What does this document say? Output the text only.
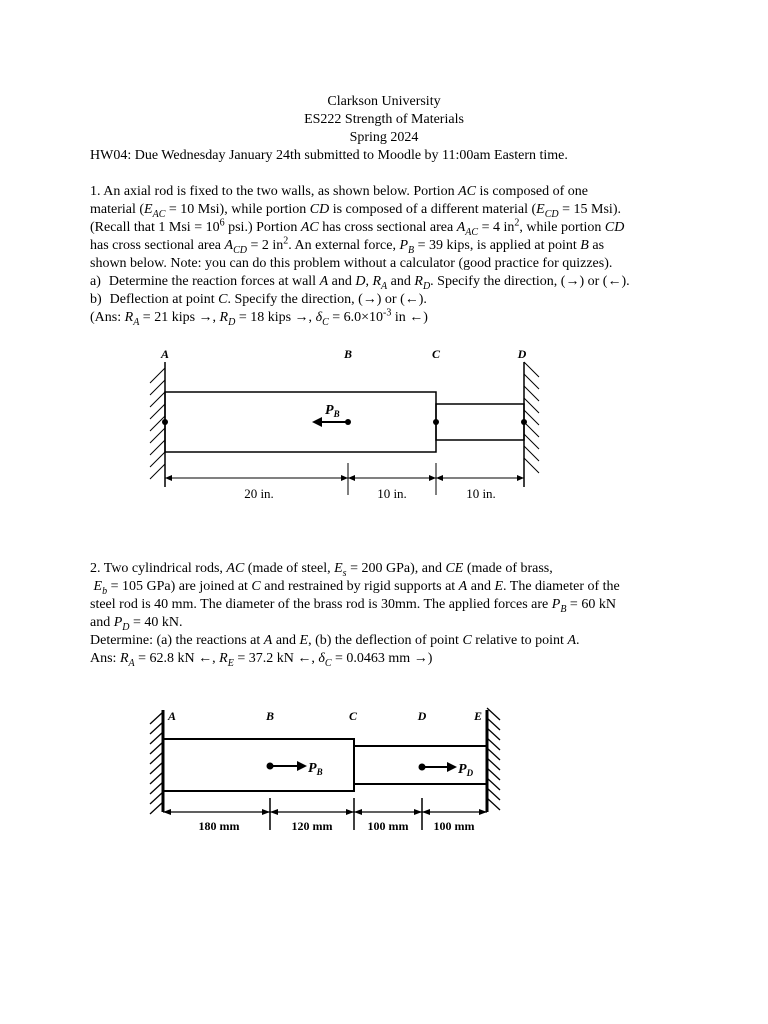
Clarkson University
ES222 Strength of Materials
Spring 2024
HW04: Due Wednesday January 24th submitted to Moodle by 11:00am Eastern time.
1. An axial rod is fixed to the two walls, as shown below. Portion AC is composed of one
material ($E_{AC} = 10$ Msi), while portion CD is composed of a different material ($E_{CD} = 15$ Msi).
(Recall that 1 Msi = $10^6$ psi.) Portion AC has cross sectional area $A_{AC} = 4$ $in^2$, while portion CD
has cross sectional area $A_{CD} = 2$ $in^2$. An external force, $P_B = 39$ kips, is applied at point B as
shown below. Note: you can do this problem without a calculator (good practice for quizzes).
a) Determine the reaction forces at wall A and D, $R_A$ and $R_D$. Specify the direction, (→) or (←).
b) Deflection at point C. Specify the direction, (→) or (←).
(Ans: $R_A = 21$ kips →, $R_D = 18$ kips →, $\delta_C = 6.0\times 10^{-3}$ in ←)
A	B	C	D
$P_B$
20 in.	10 in.	10 in.
2. Two cylindrical rods, AC (made of steel, $E_s = 200$ GPa), and CE (made of brass,
$E_b = 105$ GPa) are joined at C and restrained by rigid supports at A and E. The diameter of the
steel rod is 40 mm. The diameter of the brass rod is 30mm. The applied forces are $P_B = 60$ kN
and $P_D = 40$ kN.
Determine: (a) the reactions at A and E, (b) the deflection of point C relative to point A.
Ans: $R_A = 62.8$ kN ←, $R_E = 37.2$ kN ←, $\delta_C = 0.0463$ mm →)
A	B	C	D	E
$P_B$	$P_D$
180 mm	120 mm	100 mm 100 mm
